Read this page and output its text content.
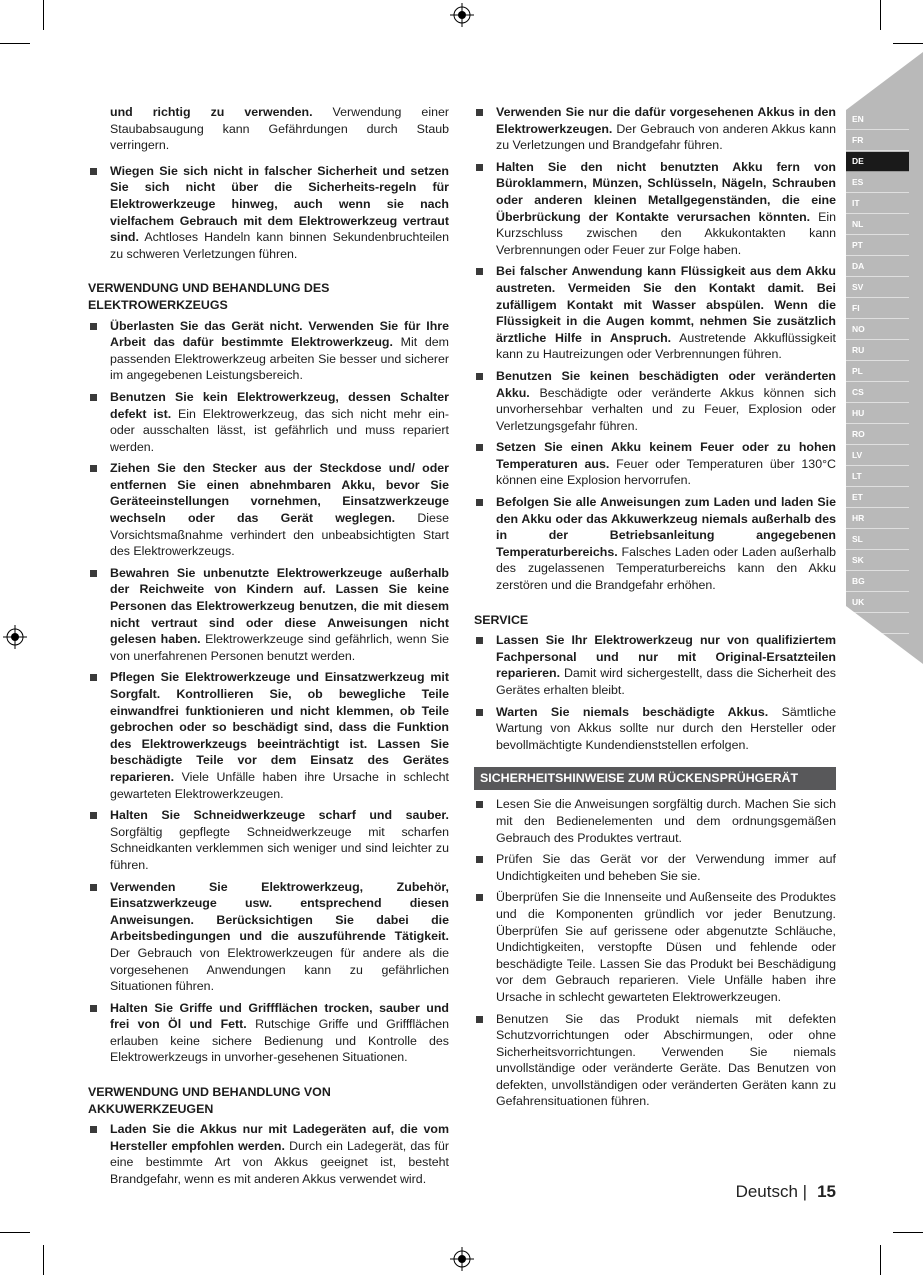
EN
FR
DE
ES
IT
NL
PT
DA
SV
FI
NO
RU
PL
CS
HU
RO
LV
LT
ET
HR
SL
SK
BG
UK
TR

und richtig zu verwenden. Verwendung einer Staubabsaugung kann Gefährdungen durch Staub verringern.

Wiegen Sie sich nicht in falscher Sicherheit und setzen Sie sich nicht über die Sicherheits-regeln für Elektrowerkzeuge hinweg, auch wenn sie nach vielfachem Gebrauch mit dem Elektrowerkzeug vertraut sind. Achtloses Handeln kann binnen Sekundenbruchteilen zu schweren Verletzungen führen.
VERWENDUNG UND BEHANDLUNG DES ELEKTROWERKZEUGS
Überlasten Sie das Gerät nicht. Verwenden Sie für Ihre Arbeit das dafür bestimmte Elektrowerkzeug. Mit dem passenden Elektrowerkzeug arbeiten Sie besser und sicherer im angegebenen Leistungsbereich.
Benutzen Sie kein Elektrowerkzeug, dessen Schalter defekt ist. Ein Elektrowerkzeug, das sich nicht mehr ein- oder ausschalten lässt, ist gefährlich und muss repariert werden.
Ziehen Sie den Stecker aus der Steckdose und/ oder entfernen Sie einen abnehmbaren Akku, bevor Sie Geräteeinstellungen vornehmen, Einsatzwerkzeuge wechseln oder das Gerät weglegen. Diese Vorsichtsmaßnahme verhindert den unbeabsichtigten Start des Elektrowerkzeugs.
Bewahren Sie unbenutzte Elektrowerkzeuge außerhalb der Reichweite von Kindern auf. Lassen Sie keine Personen das Elektrowerkzeug benutzen, die mit diesem nicht vertraut sind oder diese Anweisungen nicht gelesen haben. Elektrowerkzeuge sind gefährlich, wenn Sie von unerfahrenen Personen benutzt werden.
Pflegen Sie Elektrowerkzeuge und Einsatzwerkzeug mit Sorgfalt. Kontrollieren Sie, ob bewegliche Teile einwandfrei funktionieren und nicht klemmen, ob Teile gebrochen oder so beschädigt sind, dass die Funktion des Elektrowerkzeugs beeinträchtigt ist. Lassen Sie beschädigte Teile vor dem Einsatz des Gerätes reparieren. Viele Unfälle haben ihre Ursache in schlecht gewarteten Elektrowerkzeugen.
Halten Sie Schneidwerkzeuge scharf und sauber. Sorgfältig gepflegte Schneidwerkzeuge mit scharfen Schneidkanten verklemmen sich weniger und sind leichter zu führen.
Verwenden Sie Elektrowerkzeug, Zubehör, Einsatzwerkzeuge usw. entsprechend diesen Anweisungen. Berücksichtigen Sie dabei die Arbeitsbedingungen und die auszuführende Tätigkeit. Der Gebrauch von Elektrowerkzeugen für andere als die vorgesehenen Anwendungen kann zu gefährlichen Situationen führen.
Halten Sie Griffe und Griffflächen trocken, sauber und frei von Öl und Fett. Rutschige Griffe und Griffflächen erlauben keine sichere Bedienung und Kontrolle des Elektrowerkzeugs in unvorher-gesehenen Situationen.
VERWENDUNG UND BEHANDLUNG VON AKKUWERKZEUGEN
Laden Sie die Akkus nur mit Ladegeräten auf, die vom Hersteller empfohlen werden. Durch ein Ladegerät, das für eine bestimmte Art von Akkus geeignet ist, besteht Brandgefahr, wenn es mit anderen Akkus verwendet wird.
Verwenden Sie nur die dafür vorgesehenen Akkus in den Elektrowerkzeugen. Der Gebrauch von anderen Akkus kann zu Verletzungen und Brandgefahr führen.
Halten Sie den nicht benutzten Akku fern von Büroklammern, Münzen, Schlüsseln, Nägeln, Schrauben oder anderen kleinen Metallgegenständen, die eine Überbrückung der Kontakte verursachen könnten. Ein Kurzschluss zwischen den Akkukontakten kann Verbrennungen oder Feuer zur Folge haben.
Bei falscher Anwendung kann Flüssigkeit aus dem Akku austreten. Vermeiden Sie den Kontakt damit. Bei zufälligem Kontakt mit Wasser abspülen. Wenn die Flüssigkeit in die Augen kommt, nehmen Sie zusätzlich ärztliche Hilfe in Anspruch. Austretende Akkuflüssigkeit kann zu Hautreizungen oder Verbrennungen führen.
Benutzen Sie keinen beschädigten oder veränderten Akku. Beschädigte oder veränderte Akkus können sich unvorhersehbar verhalten und zu Feuer, Explosion oder Verletzungsgefahr führen.
Setzen Sie einen Akku keinem Feuer oder zu hohen Temperaturen aus. Feuer oder Temperaturen über 130°C können eine Explosion hervorrufen.
Befolgen Sie alle Anweisungen zum Laden und laden Sie den Akku oder das Akkuwerkzeug niemals außerhalb des in der Betriebsanleitung angegebenen Temperaturbereichs. Falsches Laden oder Laden außerhalb des zugelassenen Temperaturbereichs kann den Akku zerstören und die Brandgefahr erhöhen.
SERVICE
Lassen Sie Ihr Elektrowerkzeug nur von qualifiziertem Fachpersonal und nur mit Original-Ersatzteilen reparieren. Damit wird sichergestellt, dass die Sicherheit des Gerätes erhalten bleibt.
Warten Sie niemals beschädigte Akkus. Sämtliche Wartung von Akkus sollte nur durch den Hersteller oder bevollmächtigte Kundendienststellen erfolgen.
SICHERHEITSHINWEISE ZUM RÜCKENSPRÜHGERÄT
Lesen Sie die Anweisungen sorgfältig durch. Machen Sie sich mit den Bedienelementen und dem ordnungsgemäßen Gebrauch des Produktes vertraut.
Prüfen Sie das Gerät vor der Verwendung immer auf Undichtigkeiten und beheben Sie sie.
Überprüfen Sie die Innenseite und Außenseite des Produktes und die Komponenten gründlich vor jeder Benutzung. Überprüfen Sie auf gerissene oder abgenutzte Schläuche, Undichtigkeiten, verstopfte Düsen und fehlende oder beschädigte Teile. Lassen Sie das Produkt bei Beschädigung vor dem Gebrauch reparieren. Viele Unfälle haben ihre Ursache in schlecht gewarteten Elektrowerkzeugen.
Benutzen Sie das Produkt niemals mit defekten Schutzvorrichtungen oder Abschirmungen, oder ohne Sicherheitsvorrichtungen. Verwenden Sie niemals unvollständige oder veränderte Geräte. Das Benutzen von defekten, unvollständigen oder veränderten Geräten kann zu Gefahrensituationen führen.
Deutsch | 15
